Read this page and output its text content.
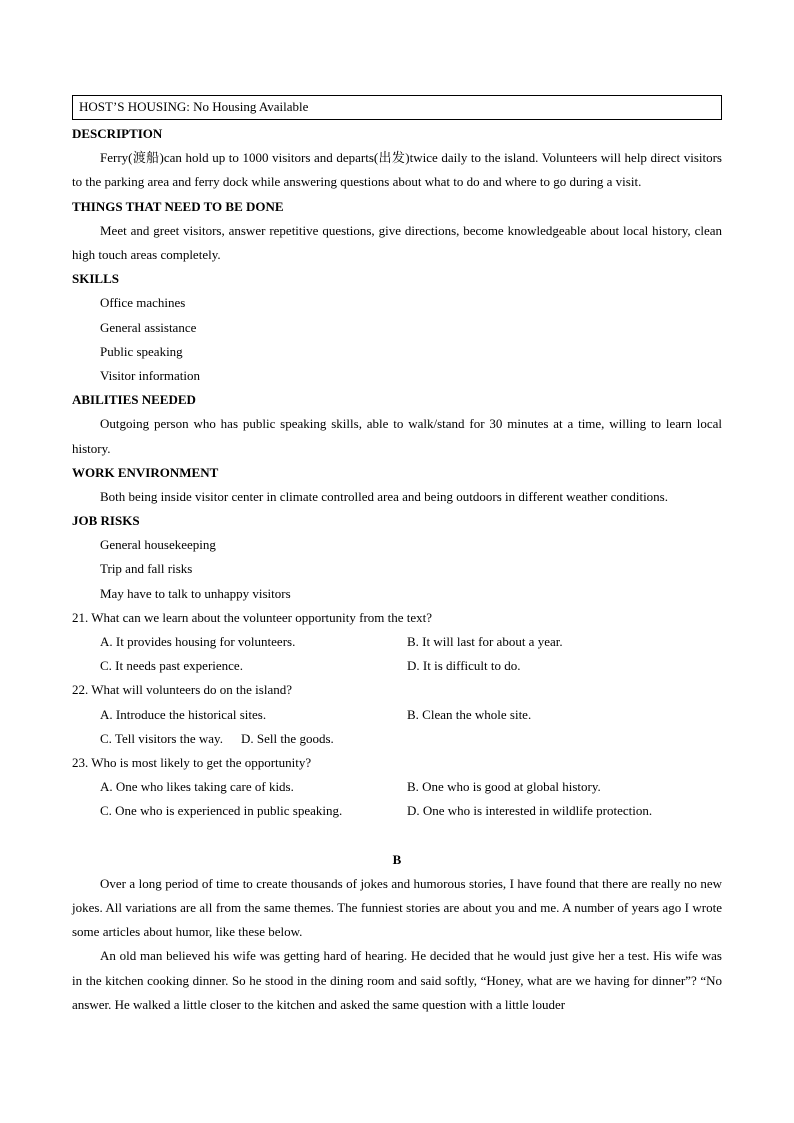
HOST’S HOUSING: No Housing Available
DESCRIPTION
Ferry(渡船)can hold up to 1000 visitors and departs(出发)twice daily to the island. Volunteers will help direct visitors to the parking area and ferry dock while answering questions about what to do and where to go during a visit.
THINGS THAT NEED TO BE DONE
Meet and greet visitors, answer repetitive questions, give directions, become knowledgeable about local history, clean high touch areas completely.
SKILLS
Office machines
General assistance
Public speaking
Visitor information
ABILITIES NEEDED
Outgoing person who has public speaking skills, able to walk/stand for 30 minutes at a time, willing to learn local history.
WORK ENVIRONMENT
Both being inside visitor center in climate controlled area and being outdoors in different weather conditions.
JOB RISKS
General housekeeping
Trip and fall risks
May have to talk to unhappy visitors
21. What can we learn about the volunteer opportunity from the text?
A. It provides housing for volunteers.	B. It will last for about a year.
C. It needs past experience.	D. It is difficult to do.
22. What will volunteers do on the island?
A. Introduce the historical sites.	B. Clean the whole site.
C. Tell visitors the way. D. Sell the goods.
23. Who is most likely to get the opportunity?
A. One who likes taking care of kids.	B. One who is good at global history.
C. One who is experienced in public speaking.	D. One who is interested in wildlife protection.
B
Over a long period of time to create thousands of jokes and humorous stories, I have found that there are really no new jokes. All variations are all from the same themes. The funniest stories are about you and me. A number of years ago I wrote some articles about humor, like these below.
An old man believed his wife was getting hard of hearing. He decided that he would just give her a test. His wife was in the kitchen cooking dinner. So he stood in the dining room and said softly, “Honey, what are we having for dinner”? “No answer. He walked a little closer to the kitchen and asked the same question with a little louder
